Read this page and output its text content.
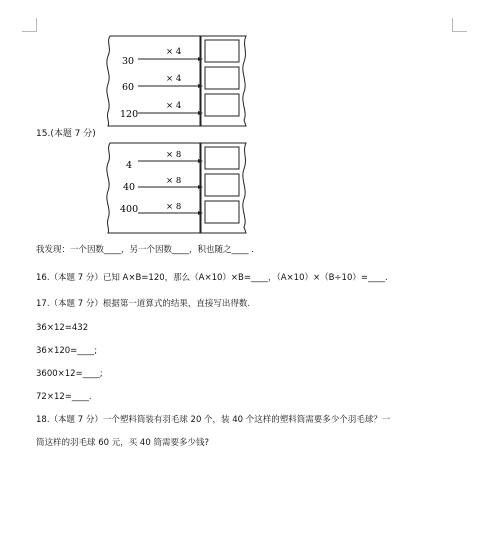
30
60
120
× 4
× 4
× 4
15.(本题 7 分)
4
40
400
× 8
× 8
× 8
我发现：一个因数____，另一个因数____，积也随之____ .
16.（本题 7 分）已知 A×B=120，那么（A×10）×B=____，（A×10）×（B÷10）=____.
17.（本题 7 分）根据第一道算式的结果，直接写出得数.
36×12=432
36×120=____;
3600×12=____;
72×12=____.
18.（本题 7 分）一个塑料筒装有羽毛球 20 个，装 40 个这样的塑料筒需要多少个羽毛球？一
筒这样的羽毛球 60 元，买 40 筒需要多少钱?
